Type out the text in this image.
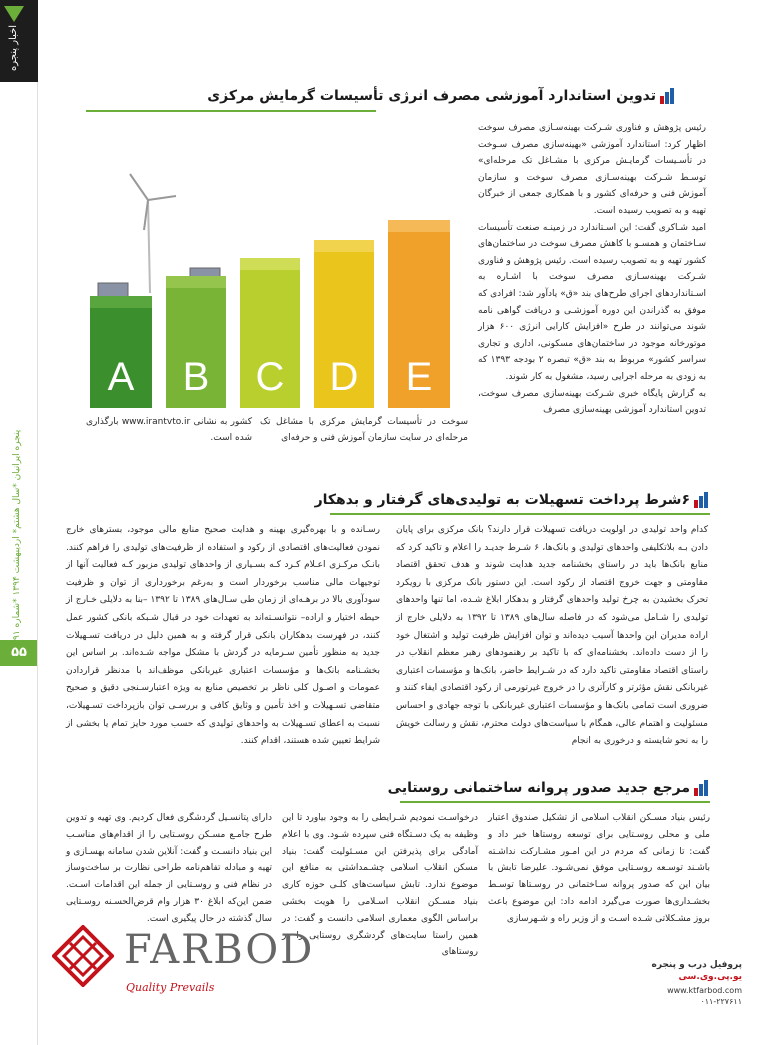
اخبار پنجره
پنجره ایرانیان *سال هشتم* اردیبهشت ۱۳۹۴ *شماره ۹۱
۵۵
تدوین استاندارد آموزشی مصرف انرژی تأسیسات گرمایش مرکزی
A B C D E

رئیس پژوهش و فناوری شـرکت بهینه‌سـازی مصرف سوخت اظهار کرد: استاندارد آموزشی «بهینه‌سازی مصرف سـوخت در تأسـیسات گرمایـش مرکزی با مشـاغل تک مرحله‌ای» توسـط شـرکت بهینه‌سـازی مصرف سوخت و سازمان آموزش فنی و حرفه‌ای کشور و با همکاری جمعی از خبرگان تهیه و به تصویب رسیده است.

امید شـاکری گفت: این اسـتاندارد در زمینـه صنعت تأسیسات سـاختمان و همسـو با کاهش مصرف سوخت در ساختمان‌های کشور تهیه و به تصویب رسیده است. رئیس پژوهش و فناوری شـرکت بهینه‌سـازی مصرف سوخت با اشـاره به اسـتانداردهای اجرای طرح‌های بند «ق» یادآور شد: افرادی که موفق به گذراندن این دوره آموزشـی و دریافت گواهی نامه شوند می‌توانند در طرح «افزایش کارایی انرژی ۶۰۰ هزار موتورخانه موجود در ساختمان‌های مسکونی، اداری و تجاری سراسر کشور» مربوط به بند «ق» تبصره ۲ بودجه ۱۳۹۳ که به زودی به مرحله اجرایی رسید، مشغول به کار شوند.

به گزارش پایگاه خبری شـرکت بهینه‌سازی مصرف سوخت، تدوین استاندارد آموزشی بهینه‌سازی مصرف

سوخت در تأسیسات گرمایش مرکزی با مشاغل تک مرحله‌ای در سایت سازمان آموزش فنی و حرفه‌ای
کشور به نشانی www.irantvto.ir بارگذاری شده است.
۶شرط پرداخت تسهیلات به تولیدی‌های گرفتار و بدهکار
کدام واحد تولیدی در اولویت دریافت تسهیلات قرار دارند؟ بانک مرکزی برای پایان دادن بـه بلاتکلیفی واحدهای تولیدی و بانک‌ها، ۶ شـرط جدیـد را اعلام و تاکید کرد که منابع بانک‌ها باید در راستای بخشنامه جدید هدایت شوند و هدف تحقق اقتصاد مقاومتی و جهت خروج اقتصاد از رکود است. این دستور بانک مرکزی با رویکرد تحرک بخشیدن به چرخ تولید واحدهای گرفتار و بدهکار ابلاغ شـده، اما تنها واحدهای تولیدی را شـامل می‌شود که در فاصله سال‌های ۱۳۸۹ تا ۱۳۹۲ به دلایلی خارج از اراده مدیران این واحدها آسیب دیده‌اند و توان افزایش ظرفیت تولید و اشتغال خود را از دست داده‌اند. بخشنامه‌ای که با تاکید بر رهنمودهای رهبر معظم انقلاب در راستای اقتصاد مقاومتی تاکید دارد که در شـرایط حاضر، بانک‌ها و مؤسسات اعتباری غیربانکی نقش مؤثرتر و کارآتری را در خروج غیرتورمی از رکود اقتصادی ایفاء کنند و ضروری است تمامی بانک‌ها و مؤسسات اعتباری غیربانکی با توجه جهادی و احساس مسئولیت و اهتمام عالی، همگام با سیاست‌های دولت محترم، نقش و رسالت خویش را به نحو شایسته و درخوری به انجام
رسـانده و با بهره‌گیری بهینه و هدایت صحیح منابع مالی موجود، بسترهای خارج نمودن فعالیت‌های اقتصادی از رکود و استفاده از ظرفیت‌های تولیدی را فراهم کنند. بانـک مرکـزی اعـلام کـرد کـه بسـیاری از واحدهای تولیدی مزبور کـه فعالیت آنها از توجیهات مالی مناسب برخوردار است و به‌رغم برخورداری از توان و ظرفیت سودآوری بالا در برهـه‌ای از زمان طی سـال‌های ۱۳۸۹ تا ۱۳۹۲ –بنا به دلایلی خـارج از حیطه اختیار و اراده– نتوانسـته‌اند به تعهدات خود در قبال شـبکه بانکی کشور عمل کنند، در فهرست بدهکاران بانکی قرار گرفته و به همین دلیل در دریافت تسـهیلات جدید به منظور تأمین سـرمایه در گردش با مشکل مواجه شـده‌اند. بر اساس این بخشـنامه بانک‌ها و مؤسسات اعتباری غیربانکی موظف‌اند با مدنظر قراردادن عمومات و اصـول کلی ناظر بر تخصیص منابع به ویژه اعتبارسـنجی دقیق و صحیح متقاضی تسـهیلات و اخذ تأمین و وثایق کافی و بررسـی توان بازپرداخت تسـهیلات، نسبت به اعطای تسـهیلات به واحدهای تولیدی که حسب مورد حایز تمام یا بخشی از شرایط تعیین شده هستند، اقدام کنند.
مرجع جدید صدور پروانه ساختمانی روستایی
رئیس بنیاد مسـکن انقلاب اسلامی از تشکیل صندوق اعتبار ملی و محلی روسـتایی برای توسعه روستاها خبر داد و گفت: تا زمانی که مردم در این امـور مشـارکت نداشـته باشـند توسـعه روسـتایی موفق نمی‌شـود. علیرضا تابش با بیان این که صدور پروانه سـاختمانی در روسـتاها توسـط بخشـداری‌ها صورت می‌گیرد ادامه داد: این موضوع باعث بروز مشـکلاتی شـده اسـت و از وزیر راه و شـهرسازی
درخواسـت نمودیم شـرایطی را به وجود بیاورد تا این وظیفه به یک دسـتگاه فنی سپرده شـود. وی با اعلام آمادگی برای پذیرفتن این مسـئولیت گفت: بنیاد مسکن انقلاب اسلامی چشـمداشتی به منافع این موضوع ندارد. تابش سیاست‌های کلـی حوزه کاری بنیاد مسـکن انقلاب اسـلامی را هویت بخشی براساس الگوی معماری اسلامی دانست و گفت: در همین راستا سایت‌های گردشگری روستایی را در روستاهای
دارای پتانسـیل گردشگری فعال کردیم. وی تهیه و تدوین طرح جامـع مسـکن روسـتایی را از اقدام‌های مناسـب این بنیاد دانسـت و گفت: آنلاین شدن سامانه بهسـازی و تهیه و مبادله تفاهم‌نامه طراحی نظارت بر ساخت‌وساز در نظام فنی و روسـتایی از جمله این اقدامات اسـت. ضمن این‌که ابلاغ ۳۰ هزار وام قرض‌الحسـنه روسـتایی سال گذشته در حال پیگیری است.
FARBOD
Quality Prevails
پروفیل درب و پنجره
یو.پی.وی.سی
www.ktfarbod.com
۰۱۱-۲۲۷۶۱۱
